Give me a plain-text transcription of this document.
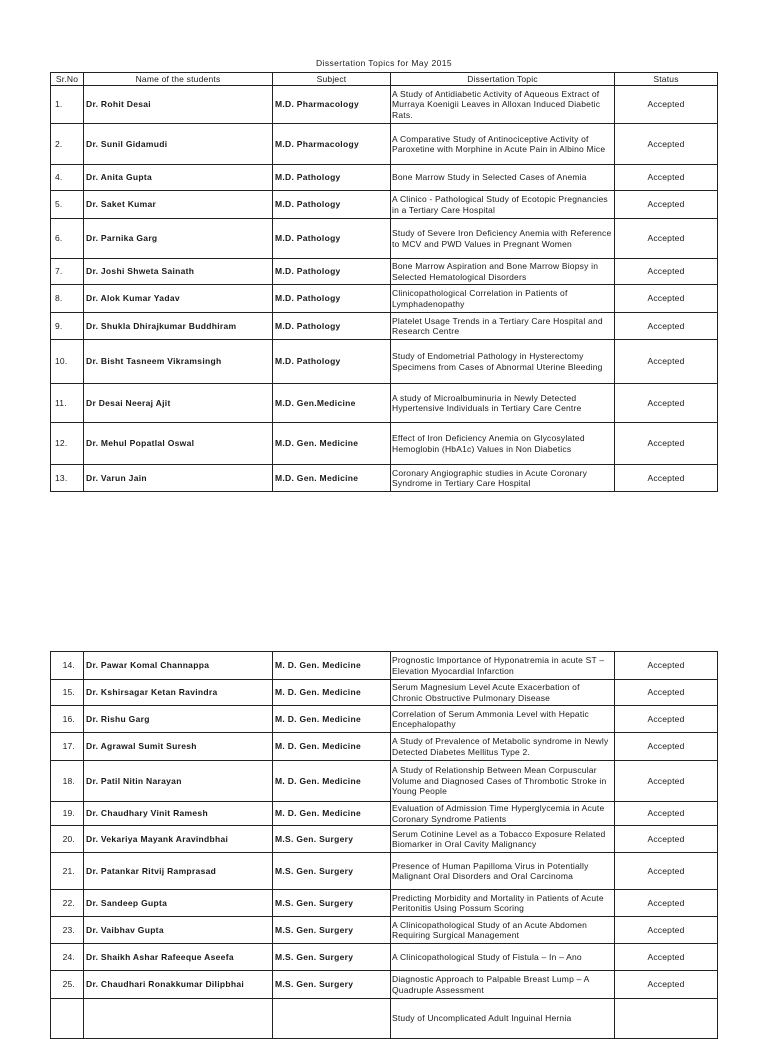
Dissertation Topics for May 2015
Sr.No	Name of the students	Subject	Dissertation Topic	Status
1.	Dr. Rohit Desai	M.D. Pharmacology	A Study of Antidiabetic Activity of Aqueous Extract of Murraya Koenigii Leaves in Alloxan Induced Diabetic Rats.	Accepted
2.	Dr. Sunil Gidamudi	M.D. Pharmacology	A Comparative Study of Antinociceptive Activity of Paroxetine with Morphine in Acute Pain in Albino Mice	Accepted
4.	Dr. Anita Gupta	M.D. Pathology	Bone Marrow Study in Selected Cases of Anemia	Accepted
5.	Dr. Saket Kumar	M.D. Pathology	A Clinico - Pathological Study of Ecotopic Pregnancies in a Tertiary Care Hospital	Accepted
6.	Dr. Parnika Garg	M.D. Pathology	Study of Severe Iron Deficiency Anemia with Reference to MCV and PWD Values in Pregnant Women	Accepted
7.	Dr. Joshi Shweta Sainath	M.D. Pathology	Bone Marrow Aspiration and Bone Marrow Biopsy in Selected Hematological Disorders	Accepted
8.	Dr. Alok Kumar Yadav	M.D. Pathology	Clinicopathological Correlation in Patients of Lymphadenopathy	Accepted
9.	Dr. Shukla Dhirajkumar Buddhiram	M.D. Pathology	Platelet Usage Trends in a Tertiary Care Hospital and Research Centre	Accepted
10.	Dr. Bisht Tasneem Vikramsingh	M.D. Pathology	Study of Endometrial Pathology in Hysterectomy Specimens from Cases of Abnormal Uterine Bleeding	Accepted
11.	Dr Desai Neeraj Ajit	M.D. Gen.Medicine	A study of Microalbuminuria in Newly Detected Hypertensive Individuals in Tertiary Care Centre	Accepted
12.	Dr. Mehul Popatlal Oswal	M.D. Gen. Medicine	Effect of Iron Deficiency Anemia on Glycosylated Hemoglobin (HbA1c) Values in Non Diabetics	Accepted
13.	Dr. Varun Jain	M.D. Gen. Medicine	Coronary Angiographic studies in Acute Coronary Syndrome in Tertiary Care Hospital	Accepted
14.	Dr. Pawar Komal Channappa	M. D. Gen. Medicine	Prognostic Importance of Hyponatremia in acute ST – Elevation Myocardial Infarction	Accepted
15.	Dr. Kshirsagar Ketan Ravindra	M. D. Gen. Medicine	Serum Magnesium Level Acute Exacerbation of Chronic Obstructive Pulmonary Disease	Accepted
16.	Dr. Rishu Garg	M. D. Gen. Medicine	Correlation of Serum Ammonia Level with Hepatic Encephalopathy	Accepted
17.	Dr. Agrawal Sumit Suresh	M. D. Gen. Medicine	A Study of Prevalence of Metabolic syndrome in Newly Detected Diabetes Mellitus Type 2.	Accepted
18.	Dr. Patil Nitin Narayan	M. D. Gen. Medicine	A Study of Relationship Between Mean Corpuscular Volume and Diagnosed Cases of Thrombotic Stroke in Young People	Accepted
19.	Dr. Chaudhary Vinit Ramesh	M. D. Gen. Medicine	Evaluation of Admission Time Hyperglycemia in Acute Coronary Syndrome Patients	Accepted
20.	Dr. Vekariya Mayank Aravindbhai	M.S. Gen. Surgery	Serum Cotinine Level as a Tobacco Exposure Related Biomarker in Oral Cavity Malignancy	Accepted
21.	Dr. Patankar Ritvij Ramprasad	M.S. Gen. Surgery	Presence of Human Papilloma Virus in Potentially Malignant Oral Disorders and Oral Carcinoma	Accepted
22.	Dr. Sandeep Gupta	M.S. Gen. Surgery	Predicting Morbidity and Mortality in Patients of Acute Peritonitis Using Possum Scoring	Accepted
23.	Dr. Vaibhav Gupta	M.S. Gen. Surgery	A Clinicopathological Study of an Acute Abdomen Requiring Surgical Management	Accepted
24.	Dr. Shaikh Ashar Rafeeque Aseefa	M.S. Gen. Surgery	A Clinicopathological Study of Fistula – In – Ano	Accepted
25.	Dr. Chaudhari Ronakkumar Dilipbhai	M.S. Gen. Surgery	Diagnostic Approach to Palpable Breast Lump – A Quadruple Assessment	Accepted
			Study of Uncomplicated Adult Inguinal Hernia	
